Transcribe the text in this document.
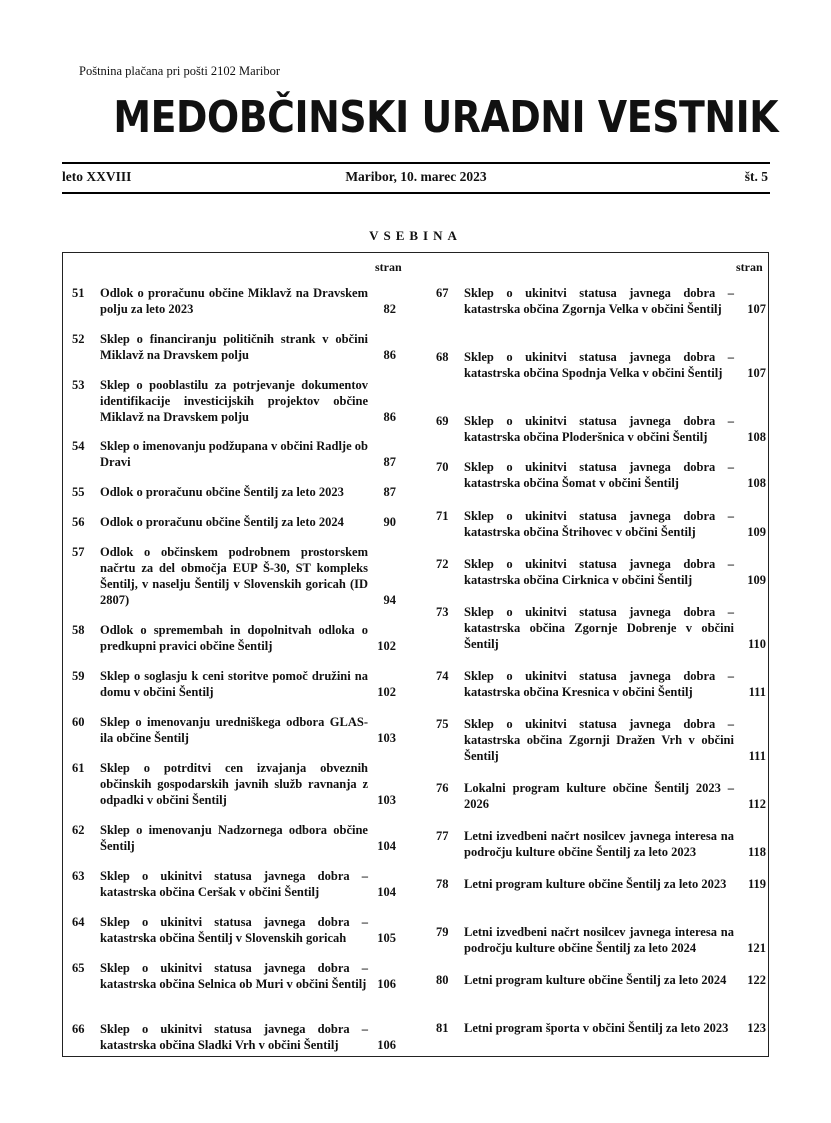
Poštnina plačana pri pošti 2102 Maribor
MEDOBČINSKI URADNI VESTNIK
leto XXVIII	Maribor, 10. marec 2023	št. 5
VSEBINA
stran	stran
51	Odlok o proračunu občine Miklavž na Dravskem polju za leto 2023	82
52	Sklep o financiranju političnih strank v občini Miklavž na Dravskem polju	86
53	Sklep o pooblastilu za potrjevanje dokumentov identifikacije investicijskih projektov občine Miklavž na Dravskem polju	86
54	Sklep o imenovanju podžupana v občini Radlje ob Dravi	87
55	Odlok o proračunu občine Šentilj za leto 2023	87
56	Odlok o proračunu občine Šentilj za leto 2024	90
57	Odlok o občinskem podrobnem prostorskem načrtu za del območja EUP Š-30, ST kompleks Šentilj, v naselju Šentilj v Slovenskih goricah (ID 2807)	94
58	Odlok o spremembah in dopolnitvah odloka o predkupni pravici občine Šentilj	102
59	Sklep o soglasju k ceni storitve pomoč družini na domu v občini Šentilj	102
60	Sklep o imenovanju uredniškega odbora GLAS-ila občine Šentilj	103
61	Sklep o potrditvi cen izvajanja obveznih občinskih gospodarskih javnih služb ravnanja z odpadki v občini Šentilj	103
62	Sklep o imenovanju Nadzornega odbora občine Šentilj	104
63	Sklep o ukinitvi statusa javnega dobra – katastrska občina Ceršak v občini Šentilj	104
64	Sklep o ukinitvi statusa javnega dobra – katastrska občina Šentilj v Slovenskih goricah	105
65	Sklep o ukinitvi statusa javnega dobra – katastrska občina Selnica ob Muri v občini Šentilj 106
66	Sklep o ukinitvi statusa javnega dobra – katastrska občina Sladki Vrh v občini Šentilj	106
67	Sklep o ukinitvi statusa javnega dobra – katastrska občina Zgornja Velka v občini Šentilj	107
68	Sklep o ukinitvi statusa javnega dobra – katastrska občina Spodnja Velka v občini Šentilj	107
69	Sklep o ukinitvi statusa javnega dobra – katastrska občina Ploderšnica v občini Šentilj	108
70	Sklep o ukinitvi statusa javnega dobra – katastrska občina Šomat v občini Šentilj	108
71	Sklep o ukinitvi statusa javnega dobra – katastrska občina Štrihovec v občini Šentilj	109
72	Sklep o ukinitvi statusa javnega dobra – katastrska občina Cirknica v občini Šentilj	109
73	Sklep o ukinitvi statusa javnega dobra – katastrska občina Zgornje Dobrenje v občini Šentilj	110
74	Sklep o ukinitvi statusa javnega dobra – katastrska občina Kresnica v občini Šentilj	111
75	Sklep o ukinitvi statusa javnega dobra – katastrska občina Zgornji Dražen Vrh v občini Šentilj	111
76	Lokalni program kulture občine Šentilj 2023 – 2026	112
77	Letni izvedbeni načrt nosilcev javnega interesa na področju kulture občine Šentilj za leto 2023	118
78	Letni program kulture občine Šentilj za leto 2023	119
79	Letni izvedbeni načrt nosilcev javnega interesa na področju kulture občine Šentilj za leto 2024	121
80	Letni program kulture občine Šentilj za leto 2024	122
81	Letni program športa v občini Šentilj za leto 2023	123
